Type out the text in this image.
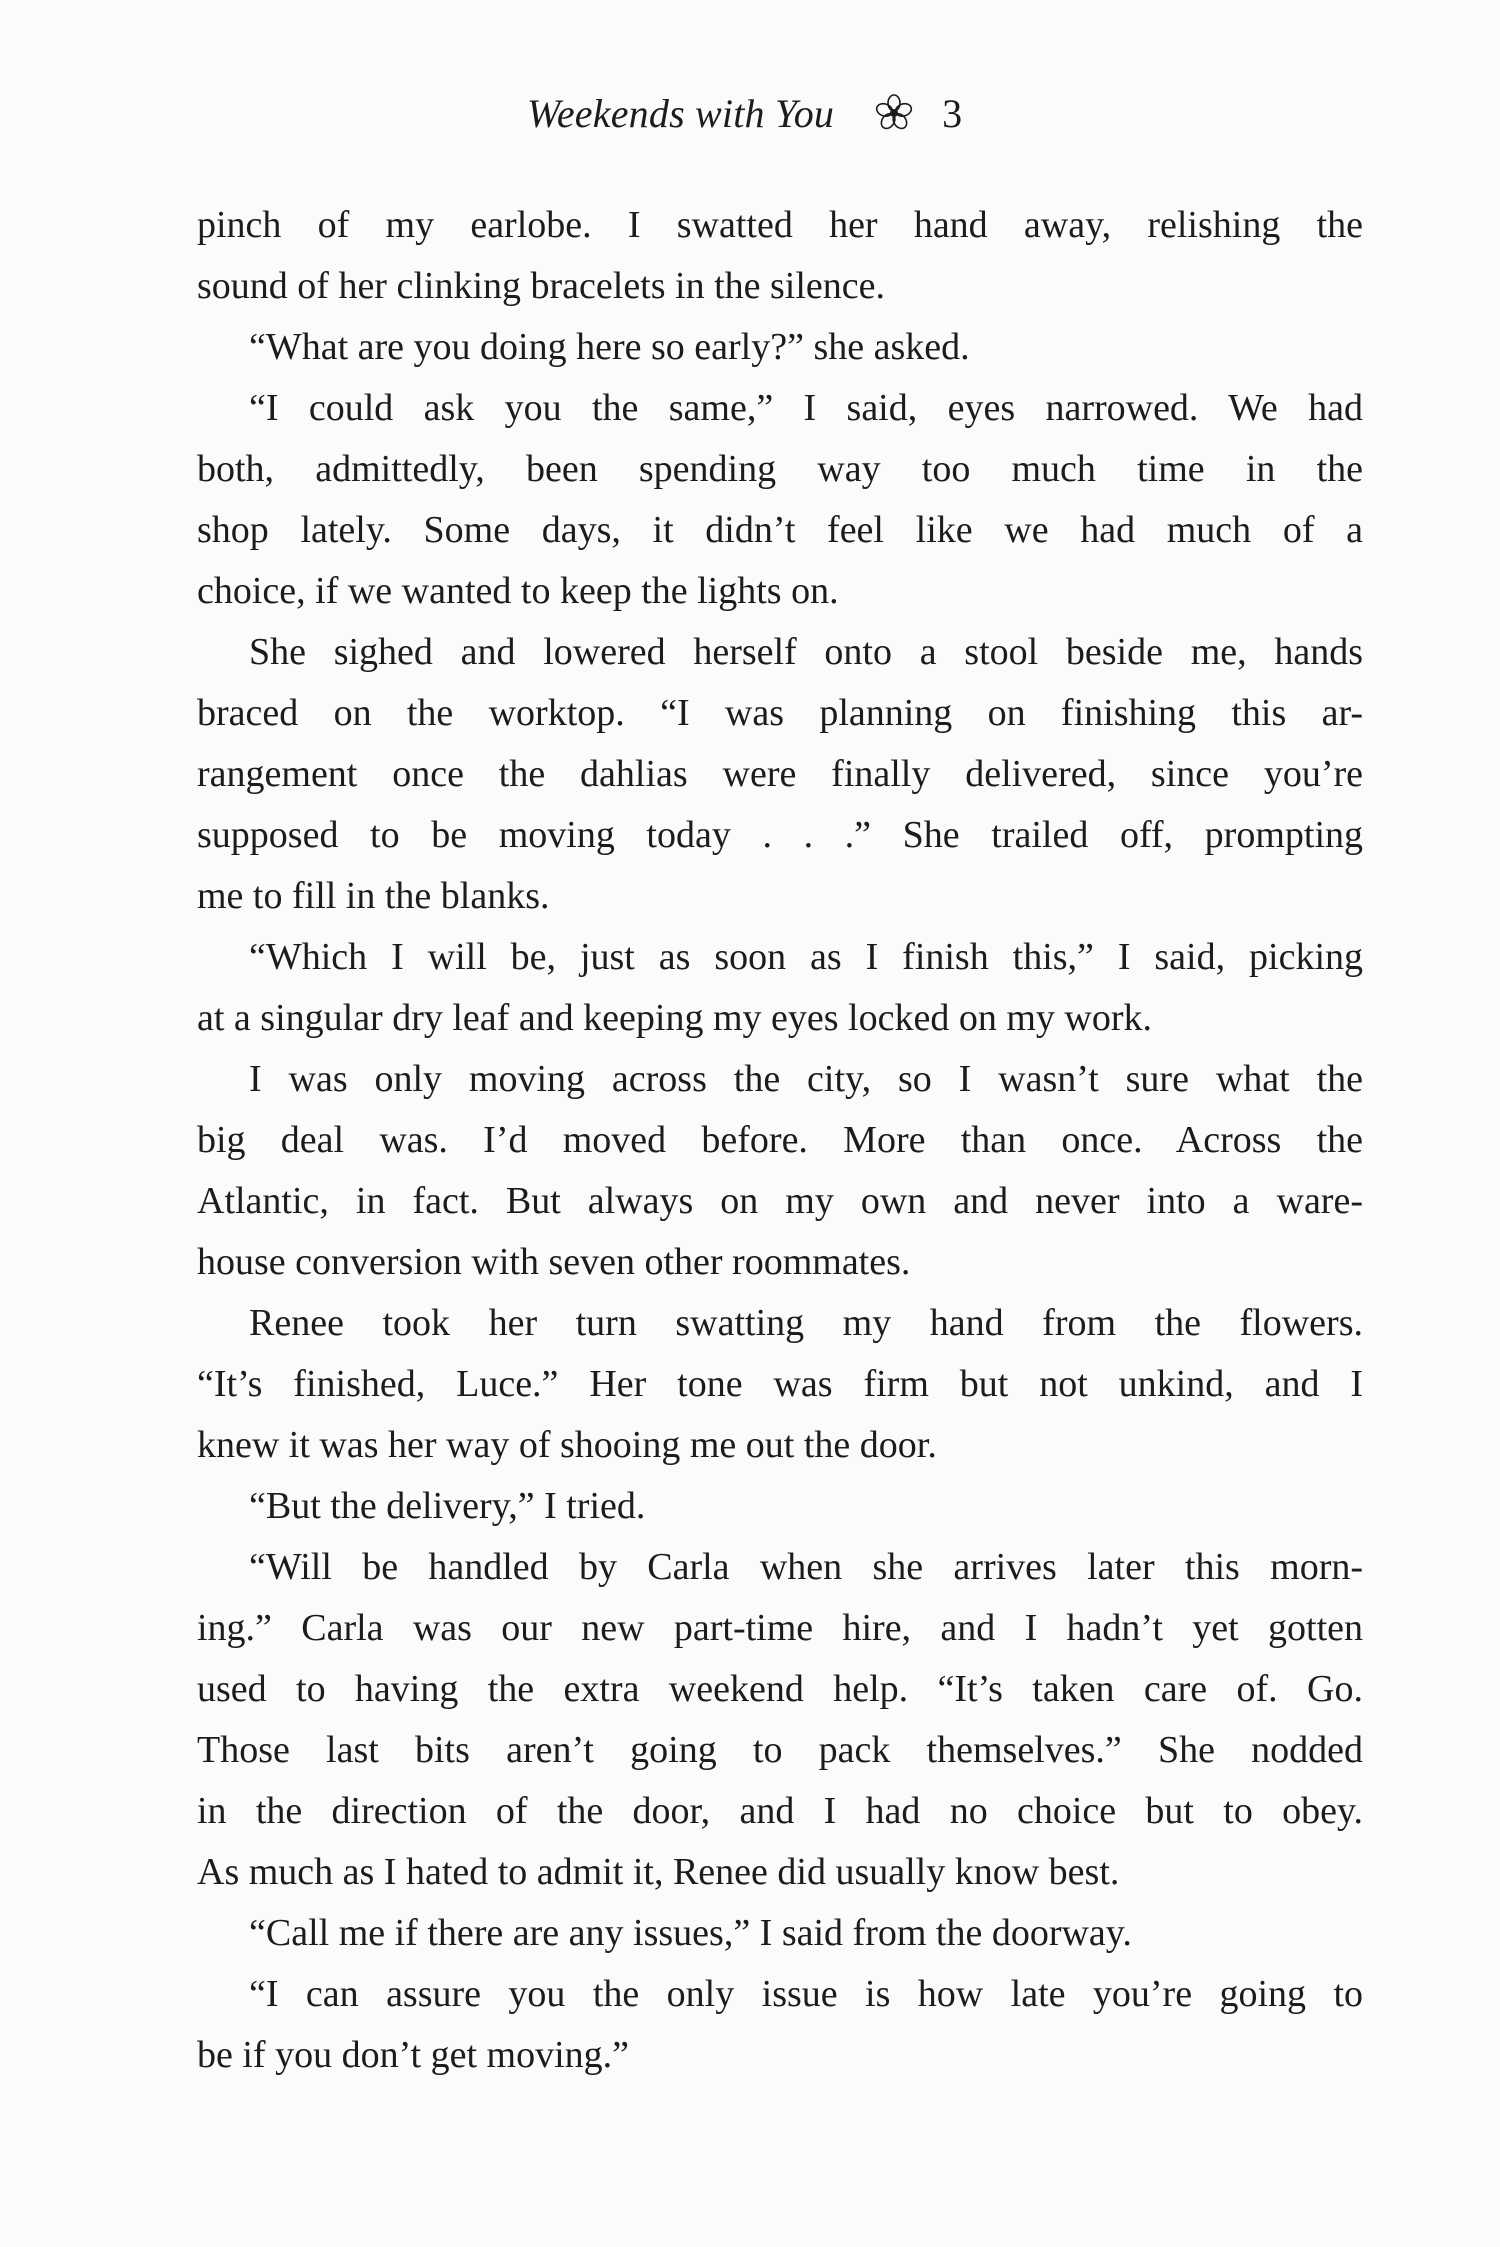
Weekends with You	3

pinch of my earlobe. I swatted her hand away, relishing the
sound of her clinking bracelets in the silence.

“What are you doing here so early?” she asked.

“I could ask you the same,” I said, eyes narrowed. We had
both, admittedly, been spending way too much time in the
shop lately. Some days, it didn’t feel like we had much of a
choice, if we wanted to keep the lights on.

She sighed and lowered herself onto a stool beside me, hands
braced on the worktop. “I was planning on finishing this ar-
rangement once the dahlias were finally delivered, since you’re
supposed to be moving today . . .” She trailed off, prompting
me to fill in the blanks.

“Which I will be, just as soon as I finish this,” I said, picking
at a singular dry leaf and keeping my eyes locked on my work.

I was only moving across the city, so I wasn’t sure what the
big deal was. I’d moved before. More than once. Across the
Atlantic, in fact. But always on my own and never into a ware-
house conversion with seven other roommates.

Renee took her turn swatting my hand from the flowers.
“It’s finished, Luce.” Her tone was firm but not unkind, and I
knew it was her way of shooing me out the door.

“But the delivery,” I tried.

“Will be handled by Carla when she arrives later this morn-
ing.” Carla was our new part-time hire, and I hadn’t yet gotten
used to having the extra weekend help. “It’s taken care of. Go.
Those last bits aren’t going to pack themselves.” She nodded
in the direction of the door, and I had no choice but to obey.
As much as I hated to admit it, Renee did usually know best.

“Call me if there are any issues,” I said from the doorway.

“I can assure you the only issue is how late you’re going to
be if you don’t get moving.”
